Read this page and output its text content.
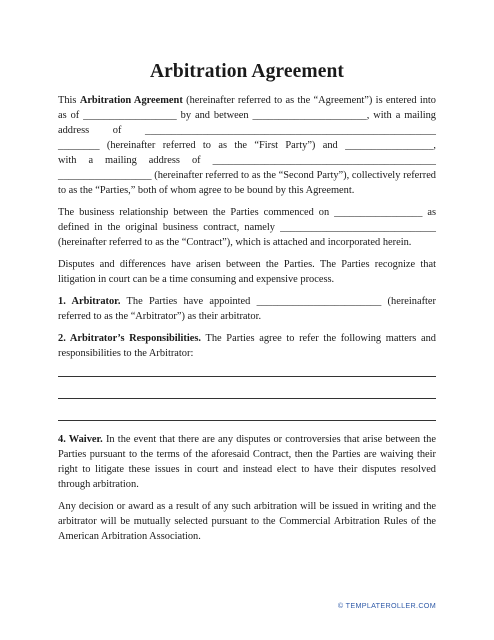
Arbitration Agreement
This Arbitration Agreement (hereinafter referred to as the “Agreement”) is entered into
as of __________________ by and between ______________________, with a mailing
address of ________________________________________________________
________ (hereinafter referred to as the “First Party”) and _________________,
with a mailing address of ___________________________________________
__________________ (hereinafter referred to as the “Second Party”), collectively referred
to as the “Parties,” both of whom agree to be bound by this Agreement.
The business relationship between the Parties commenced on _________________ as
defined in the original business contract, namely ______________________________
(hereinafter referred to as the “Contract”), which is attached and incorporated herein.
Disputes and differences have arisen between the Parties. The Parties recognize that
litigation in court can be a time consuming and expensive process.
1. Arbitrator. The Parties have appointed ________________________ (hereinafter
referred to as the “Arbitrator”) as their arbitrator.
2. Arbitrator’s Responsibilities. The Parties agree to refer the following matters and
responsibilities to the Arbitrator:
4. Waiver. In the event that there are any disputes or controversies that arise between the
Parties pursuant to the terms of the aforesaid Contract, then the Parties are waiving their
right to litigate these issues in court and instead elect to have their disputes resolved
through arbitration.
Any decision or award as a result of any such arbitration will be issued in writing and the
arbitrator will be mutually selected pursuant to the Commercial Arbitration Rules of the
American Arbitration Association.
© TEMPLATEROLLER.COM
